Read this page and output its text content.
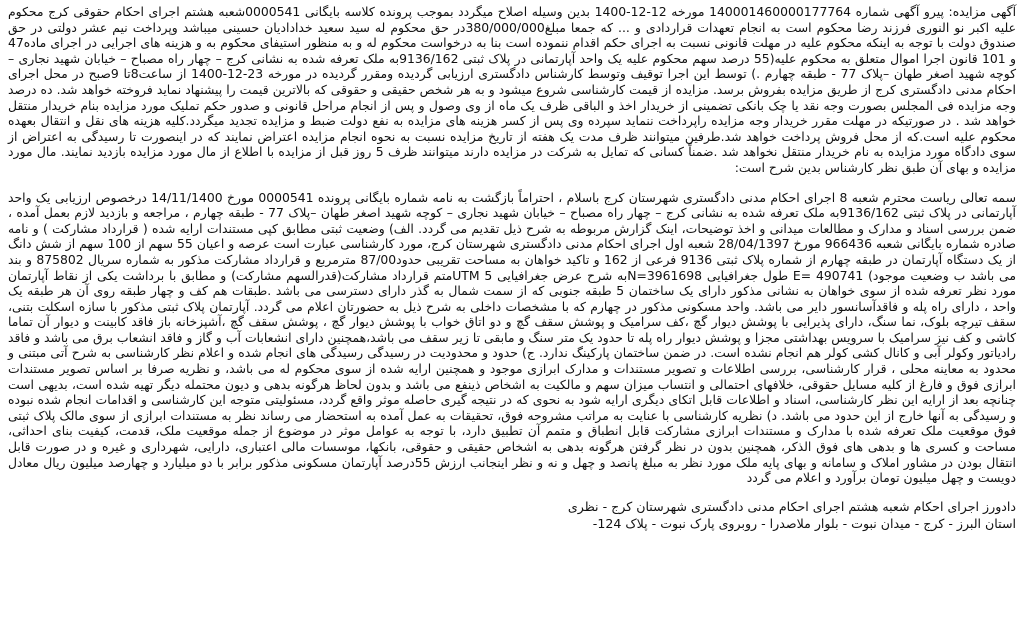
آگهی مزایده: پیرو آگهی شماره 140001460000177764 مورخه 12-12-1400 بدین وسیله اصلاح میگردد بموجب پرونده کلاسه بایگانی 0000541شعبه هشتم اجرای احکام حقوقی کرج محکوم علیه اکبر نو النوری فرزند رضا محکوم است به انجام تعهدات قراردادی و ... که جمعا مبلغ380/000/000در حق محکوم له سید سعید خداداديان حسینی میباشد وپرداخت نیم عشر دولتی در حق صندوق دولت با توجه به اینکه محکوم علیه در مهلت قانونی نسبت به اجرای حکم اقدام ننموده است بنا به درخواست محکوم له و به منظور استیفای محکوم به و هزینه های اجرایی در اجرای ماده47 و 101 قانون اجرا اموال متعلق به محکوم علیه(55 درصد سهم محکوم علیه یک واحد آپارتمانی در پلاک ثبتی 9136/162به ملک تعرفه شده به نشانی کرج – چهار راه مصباح – خیابان شهید نجاری – کوچه شهید اصغر طهان –پلاک 77 - طبقه چهارم .) توسط این اجرا توقیف وتوسط کارشناس دادگستری ارزیابی گردیده ومقرر گردیده در مورخه 23-12-1400 از ساعت8تا 9صبح در محل اجرای احکام مدنی دادگستری کرج از طریق مزایده بفروش برسد. مزایده از قیمت کارشناسی شروع میشود و به هر شخص حقیقی و حقوقی که بالاترین قیمت را پیشنهاد نماید فروخته خواهد شد. ده درصد وجه مزایده فی المجلس بصورت وجه نقد یا چک بانکی تضمینی از خریدار اخذ و الباقی ظرف یک ماه از وی وصول و پس از انجام مراحل قانونی و صدور حکم تملیک مورد مزایده بنام خریدار منتقل خواهد شد . در صورتیکه در مهلت مقرر خریدار وجه مزایده راپرداخت ننماید سپرده وی پس از کسر هزینه های مزایده به نفع دولت ضبط و مزایده تجدید میگردد.کلیه هزینه های نقل و انتقال بعهده محکوم علیه است.که از محل فروش پرداخت خواهد شد.طرفین میتوانند ظرف مدت یک هفته از تاریخ مزایده نسبت به نحوه انجام مزایده اعتراض نمایند که در اینصورت تا رسیدگی به اعتراض از سوی دادگاه مورد مزایده به نام خریدار منتقل نخواهد شد .ضمناً کسانی که تمایل به شرکت در مزایده دارند میتوانند ظرف 5 روز قبل از مزایده با اطلاع از مال مورد مزایده بازدید نمایند. مال مورد مزایده و بهای آن طبق نظر کارشناس بدین شرح است:

سمه تعالی ریاست محترم شعبه 8 اجرای احکام مدنی دادگستری شهرستان کرج باسلام ، احتراماً بازگشت به نامه شماره بایگانی پرونده 0000541 مورخ 14/11/1400 درخصوص ارزیابی یک واحد آپارتمانی در پلاک ثبتی 9136/162به ملک تعرفه شده به نشانی کرج – چهار راه مصباح – خیابان شهید نجاری – کوچه شهید اصغر طهان –پلاک 77 - طبقه چهارم ، مراجعه و بازدید لازم بعمل آمده ، ضمن بررسی اسناد و مدارک و مطالعات میدانی و اخذ توضیحات، اینک گزارش مربوطه به شرح ذیل تقدیم می گردد. الف) وضعیت ثبتی مطابق کپی مستندات ارایه شده ( قرارداد مشارکت ) و نامه صادره شماره بایگانی شعبه 966436 مورخ 28/04/1397 شعبه اول اجرای احکام مدنی دادگستری شهرستان کرج، مورد کارشناسی عبارت است عرصه و اعیان 55 سهم از 100 سهم از شش دانگ از یک دستگاه آپارتمان در طبقه چهارم از شماره پلاک ثبتی 9136 فرعی از 162 و تاکید خواهان به مساحت تقریبی حدود87/00 مترمربع و قرارداد مشارکت مذکور به شماره سریال 875802 و بند می باشد ب وضعیت موجود) E= 490741 طول جغرافیایی N=3961698به شرح عرض جغرافیایی UTM 5متم قرارداد مشارکت(قدرالسهم مشارکت) و مطابق با برداشت یکی از نقاط آپارتمان مورد نظر تعرفه شده از سوی خواهان به نشانی مذکور دارای یک ساختمان 5 طبقه جنوبی که از سمت شمال به گذر دارای دسترسی می باشد .طبقات هم کف و چهار طبقه روی آن هر طبقه یک واحد ، دارای راه پله و فاقدآسانسور دایر می باشد. واحد مسکونی مذکور در چهارم که با مشخصات داخلی به شرح ذیل به حضورتان اعلام می گردد. آپارتمان پلاک ثبتی مذکور با سازه اسکلت بتنی، سقف تیرچه بلوک، نما سنگ، دارای پذیرایی با پوشش دیوار گچ ،کف سرامیک و پوشش سقف گچ و دو اتاق خواب با پوشش دیوار گچ ، پوشش سقف گچ ،آشپزخانه باز فاقد کابینت و دیوار آن تماما کاشی و کف نیز سرامیک با سرویس بهداشتی مجزا و پوشش دیوار راه پله تا حدود یک متر سنگ و مابقی تا زیر سقف می باشد،همچنین دارای انشعابات آب و گاز و فاقد انشعاب برق می باشد و فاقد رادیاتور وکولر آبی و کانال کشی کولر هم انجام نشده است. در ضمن ساختمان پارکینگ ندارد. ج) حدود و محدودیت در رسیدگی رسیدگی های انجام شده و اعلام نظر کارشناسی به شرح آتی مبتنی و محدود به معاینه محلی ، قرار کارشناسی، بررسی اطلاعات و تصویر مستندات و مدارک ابرازی موجود و همچنین ارایه شده از سوی محکوم له می باشد، و نظریه صرفا بر اساس تصویر مستندات ابرازی فوق و فارغ از کلیه مسایل حقوقی، خلافهای احتمالی و انتساب میزان سهم و مالکیت به اشخاص ذینفع می باشد و بدون لحاظ هرگونه بدهی و دیون محتمله دیگر تهیه شده است، بدیهی است چنانچه بعد از ارایه این نظر کارشناسی، اسناد و اطلاعات قابل اتکای دیگری ارایه شود به نحوی که در نتیجه گیری حاصله موثر واقع گردد، مسئولیتی متوجه این کارشناسی و اقدامات انجام شده نبوده و رسیدگی به آنها خارج از این حدود می باشد. د) نظریه کارشناسی با عنایت به مراتب مشروحه فوق، تحقیقات به عمل آمده به استحضار می رساند نظر به مستندات ابرازی از سوی مالک پلاک ثبتی فوق موقعیت ملک تعرفه شده با مدارک و مستندات ابرازی مشارکت قابل انطباق و متمم آن تطبیق دارد، با توجه به عوامل موثر در موضوع از جمله موقعیت ملک، قدمت، کیفیت بنای احداثی، مساحت و کسری ها و بدهی های فوق الذکر، همچنین بدون در نظر گرفتن هرگونه بدهی به اشخاص حقیقی و حقوقی، بانکها، موسسات مالی اعتباری، دارایی، شهرداری و غیره و در صورت قابل انتقال بودن در مشاور املاک و سامانه و بهای پایه ملک مورد نظر به مبلغ پانصد و چهل و نه و نظر اینجانب ارزش 55درصد آپارتمان مسکونی مذکور برابر با دو میلیارد و چهارصد میلیون ریال معادل دویست و چهل میلیون تومان برآورد و اعلام می گردد

دادورز اجرای احکام شعبه هشتم اجرای احکام مدنی دادگستری شهرستان کرج - نظری

استان البرز - کرج - میدان نبوت - بلوار ملاصدرا - روبروی پارک نبوت - پلاک 124-
